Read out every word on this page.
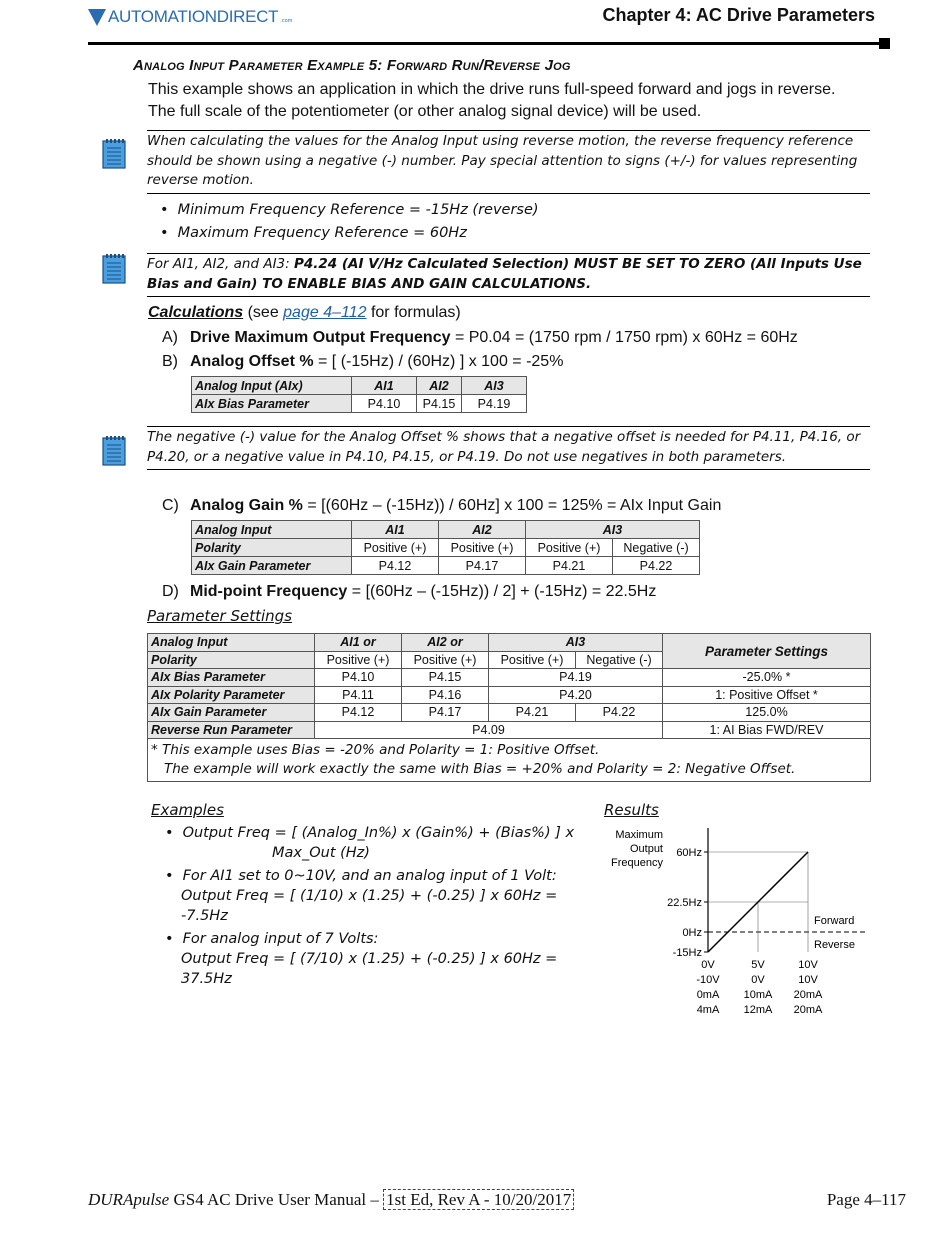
AUTOMATIONDIRECT .com	Chapter 4: AC Drive Parameters
Analog Input Parameter Example 5: Forward Run/Reverse Jog
This example shows an application in which the drive runs full-speed forward and jogs in reverse.
The full scale of the potentiometer (or other analog signal device) will be used.
When calculating the values for the Analog Input using reverse motion, the reverse frequency reference should be shown using a negative (-) number. Pay special attention to signs (+/-) for values representing reverse motion.
• Minimum Frequency Reference = -15Hz (reverse)
• Maximum Frequency Reference = 60Hz
For AI1, AI2, and AI3: P4.24 (AI V/Hz Calculated Selection) MUST BE SET TO ZERO (All Inputs Use Bias and Gain) TO ENABLE BIAS AND GAIN CALCULATIONS.
Calculations (see page 4–112 for formulas)
A) Drive Maximum Output Frequency = P0.04 = (1750 rpm / 1750 rpm) x 60Hz = 60Hz
B) Analog Offset % = [ (-15Hz) / (60Hz) ] x 100 = -25%
Analog Input (AIx)	AI1	AI2	AI3
AIx Bias Parameter	P4.10	P4.15	P4.19
The negative (-) value for the Analog Offset % shows that a negative offset is needed for P4.11, P4.16, or P4.20, or a negative value in P4.10, P4.15, or P4.19. Do not use negatives in both parameters.
C) Analog Gain % = [(60Hz – (-15Hz)) / 60Hz] x 100 = 125% = AIx Input Gain
Analog Input	AI1	AI2	AI3	
Polarity	Positive (+)	Positive (+)	Positive (+)	Negative (-)
AIx Gain Parameter	P4.12	P4.17	P4.21	P4.22
D) Mid-point Frequency = [(60Hz – (-15Hz)) / 2] + (-15Hz) = 22.5Hz
Parameter Settings
Analog Input	AI1 or	AI2 or	AI3		Parameter Settings
Polarity	Positive (+)	Positive (+)	Positive (+)	Negative (-)	
AIx Bias Parameter	P4.10	P4.15	P4.19		-25.0% *
AIx Polarity Parameter	P4.11	P4.16	P4.20		1: Positive Offset *
AIx Gain Parameter	P4.12	P4.17	P4.21	P4.22	125.0%
Reverse Run Parameter	P4.09				1: AI Bias FWD/REV

* This example uses Bias = -20% and Polarity = 1: Positive Offset.
The example will work exactly the same with Bias = +20% and Polarity = 2: Negative Offset.					
Examples
• Output Freq = [ (Analog_In%) x (Gain%) + (Bias%) ] x
Max_Out (Hz)
• For AI1 set to 0~10V, and an analog input of 1 Volt:
Output Freq = [ (1/10) x (1.25) + (-0.25) ] x 60Hz = -7.5Hz
• For analog input of 7 Volts:
Output Freq = [ (7/10) x (1.25) + (-0.25) ] x 60Hz = 37.5Hz
Results
60Hz
22.5Hz
0Hz
-15Hz
Maximum
Output
Frequency
Forward
Reverse
0V	5V	10V
-10V	0V	10V
0mA 10mA 20mA
4mA 12mA 20mA
DURApulse GS4 AC Drive User Manual – 1st Ed, Rev A - 10/20/2017	Page 4–117
